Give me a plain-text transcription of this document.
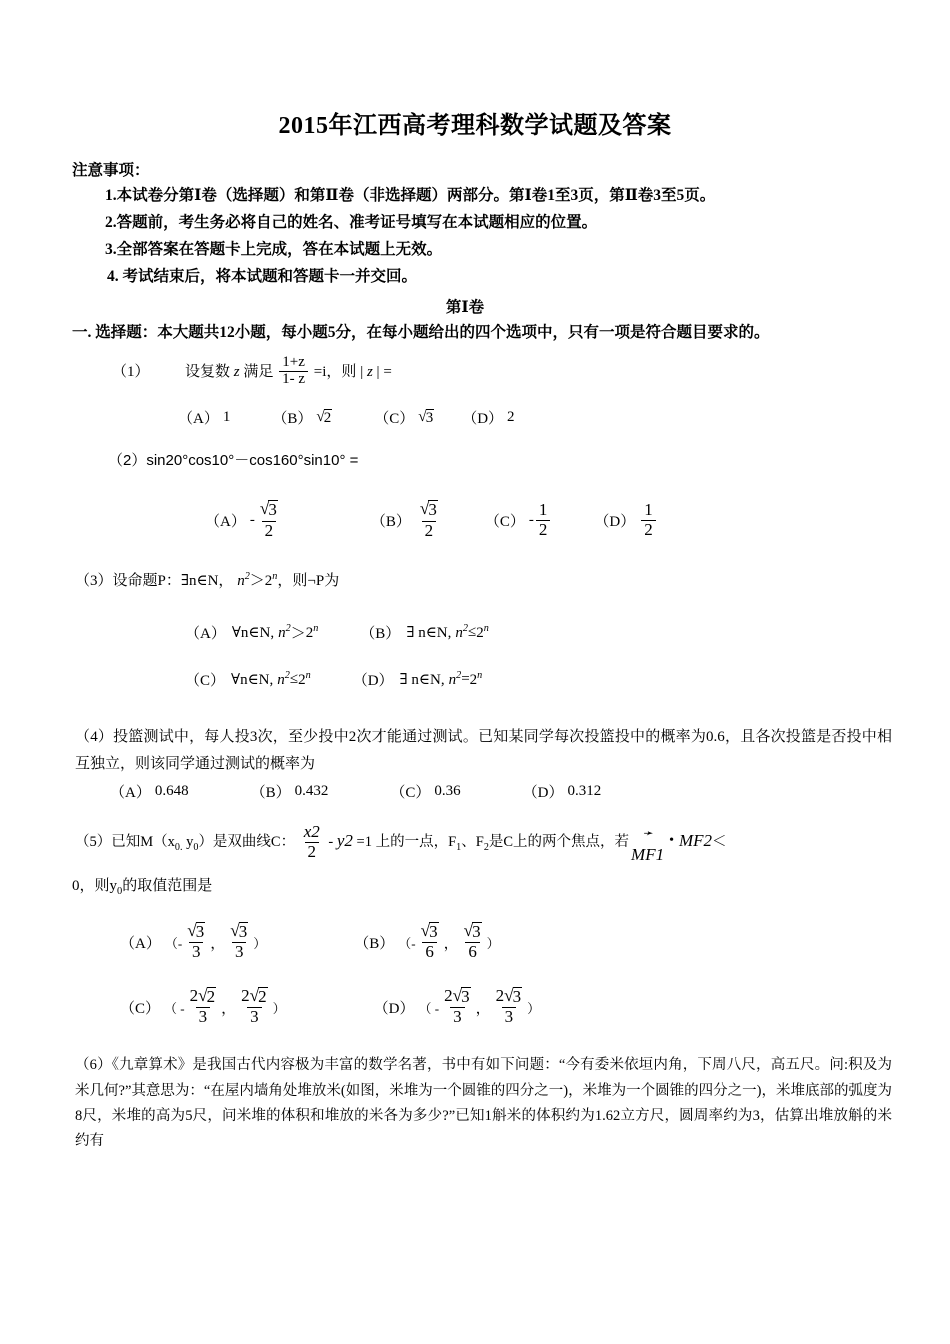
2015年江西高考理科数学试题及答案
注意事项：
1.本试卷分第Ⅰ卷（选择题）和第Ⅱ卷（非选择题）两部分。第Ⅰ卷1至3页，第Ⅱ卷3至5页。
2.答题前，考生务必将自己的姓名、准考证号填写在本试题相应的位置。
3.全部答案在答题卡上完成，答在本试题上无效。
4. 考试结束后，将本试题和答题卡一并交回。
第Ⅰ卷
一. 选择题：本大题共12小题，每小题5分，在每小题给出的四个选项中，只有一项是符合题目要求的。
（1） 设复数 z 满足 $\frac{1+z}{1- z} =i$，则 | z | =
（A） 1	（B） √ 2	（C） √ 3 （D） 2
（2）sin20°cos10°－cos160°sin10° =
$(A) - \frac{√ 3}{2}$	$(B) \frac{√ 3}{2}$	$(C) - \frac{1}{2}$	$(D) \frac{1}{2}$
（3）设命题P：∃n∈N， $n^2>2^n$，则¬P为
（A） ∀n∈N, $n^2 > 2^n$	（B） ∃ n∈N, $n^2 \le 2^n$
（C） ∀n∈N, $n^2 \le 2^n$	（D） ∃ n∈N, $n^2 = 2^n$
（4）投篮测试中，每人投3次，至少投中2次才能通过测试。已知某同学每次投篮投中的概率为0.6，且各次投篮是否投中相互独立，则该同学通过测试的概率为
（A） 0.648	（B） 0.432	（C） 0.36	（D） 0.312
（5）已知$M(x_{0.}$ $y_0$）是双曲线C： $\frac{x2}{2} - y2 =1$ 上的一点，$F_1$、$F_2$是C上的两个焦点，若
➛
MF1• MF2＜
0，则$y_0$的取值范围是
（A） （- $\frac{√ 3}{3}$ ， $\frac{√ 3}{3}$ ）	（B） （- $\frac{√ 3}{6}$ ， $\frac{√ 3}{6}$ ）
（C） （ - $\frac{2 √ 2}{3}$ ， $\frac{2 √ 2}{3}$ ）	（D） （ - $\frac{2 √ 3}{3}$ ， $\frac{2 √ 3}{3}$ ）
（6）《九章算术》是我国古代内容极为丰富的数学名著，书中有如下问题：“今有委米依垣内角，下周八尺，高五尺。问:积及为米几何?”其意思为：“在屋内墙角处堆放米(如图，米堆为一个圆锥的四分之一)，米堆为一个圆锥的四分之一)，米堆底部的弧度为8尺，米堆的高为5尺，问米堆的体积和堆放的米各为多少?”已知1斛米的体积约为1.62立方尺，圆周率约为3，估算出堆放斛的米约有
